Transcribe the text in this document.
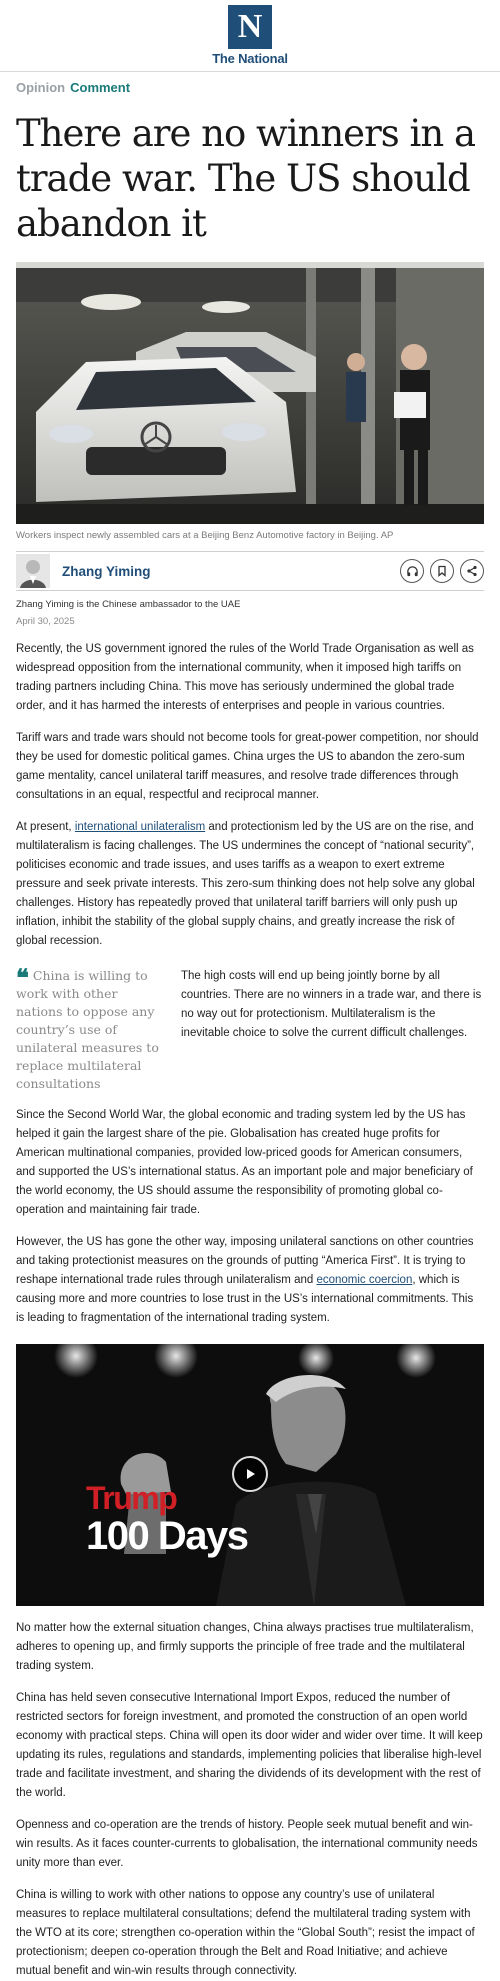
N
The National
Opinion Comment
There are no winners in a trade war. The US should abandon it
Workers inspect newly assembled cars at a Beijing Benz Automotive factory in Beijing. AP
Zhang Yiming
Zhang Yiming is the Chinese ambassador to the UAE
April 30, 2025

Recently, the US government ignored the rules of the World Trade Organisation as well as widespread opposition from the international community, when it imposed high tariffs on trading partners including China. This move has seriously undermined the global trade order, and it has harmed the interests of enterprises and people in various countries.

Tariff wars and trade wars should not become tools for great-power competition, nor should they be used for domestic political games. China urges the US to abandon the zero-sum game mentality, cancel unilateral tariff measures, and resolve trade differences through consultations in an equal, respectful and reciprocal manner.

At present, international unilateralism and protectionism led by the US are on the rise, and multilateralism is facing challenges. The US undermines the concept of “national security”, politicises economic and trade issues, and uses tariffs as a weapon to exert extreme pressure and seek private interests. This zero-sum thinking does not help solve any global challenges. History has repeatedly proved that unilateral tariff barriers will only push up inflation, inhibit the stability of the global supply chains, and greatly increase the risk of global recession.

❝ China is willing to work with other nations to oppose any country’s use of unilateral measures to replace multilateral consultations

The high costs will end up being jointly borne by all countries. There are no winners in a trade war, and there is no way out for protectionism. Multilateralism is the inevitable choice to solve the current difficult challenges.

Since the Second World War, the global economic and trading system led by the US has helped it gain the largest share of the pie. Globalisation has created huge profits for American multinational companies, provided low-priced goods for American consumers, and supported the US’s international status. As an important pole and major beneficiary of the world economy, the US should assume the responsibility of promoting global co-operation and maintaining fair trade.

However, the US has gone the other way, imposing unilateral sanctions on other countries and taking protectionist measures on the grounds of putting “America First”. It is trying to reshape international trade rules through unilateralism and economic coercion, which is causing more and more countries to lose trust in the US’s international commitments. This is leading to fragmentation of the international trading system.

Trump
100 Days

No matter how the external situation changes, China always practises true multilateralism, adheres to opening up, and firmly supports the principle of free trade and the multilateral trading system.

China has held seven consecutive International Import Expos, reduced the number of restricted sectors for foreign investment, and promoted the construction of an open world economy with practical steps. China will open its door wider and wider over time. It will keep updating its rules, regulations and standards, implementing policies that liberalise high-level trade and facilitate investment, and sharing the dividends of its development with the rest of the world.

Openness and co-operation are the trends of history. People seek mutual benefit and win-win results. As it faces counter-currents to globalisation, the international community needs unity more than ever.

China is willing to work with other nations to oppose any country’s use of unilateral measures to replace multilateral consultations; defend the multilateral trading system with the WTO at its core; strengthen co-operation within the “Global South”; resist the impact of protectionism; deepen co-operation through the Belt and Road Initiative; and achieve mutual benefit and win-win results through connectivity.
